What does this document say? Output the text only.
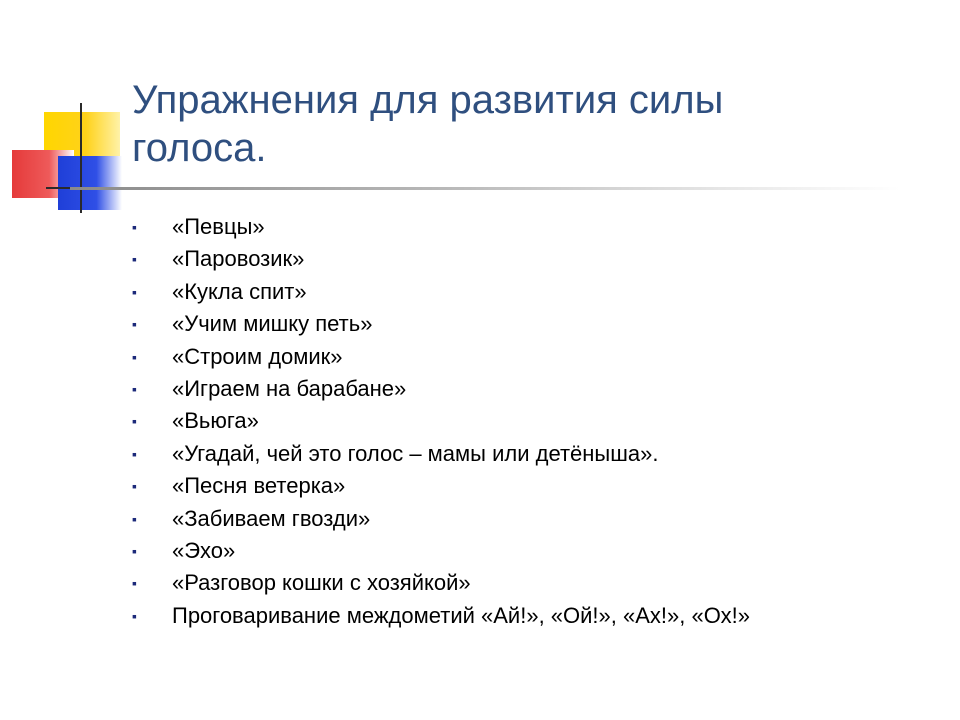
Упражнения для развития силы голоса.
▪ «Певцы»
▪ «Паровозик»
▪ «Кукла спит»
▪ «Учим мишку петь»
▪ «Строим домик»
▪ «Играем на барабане»
▪ «Вьюга»
▪ «Угадай, чей это голос – мамы или детёныша».
▪ «Песня ветерка»
▪ «Забиваем гвозди»
▪ «Эхо»
▪ «Разговор кошки с хозяйкой»
▪ Проговаривание междометий «Ай!», «Ой!», «Ах!», «Ох!»
